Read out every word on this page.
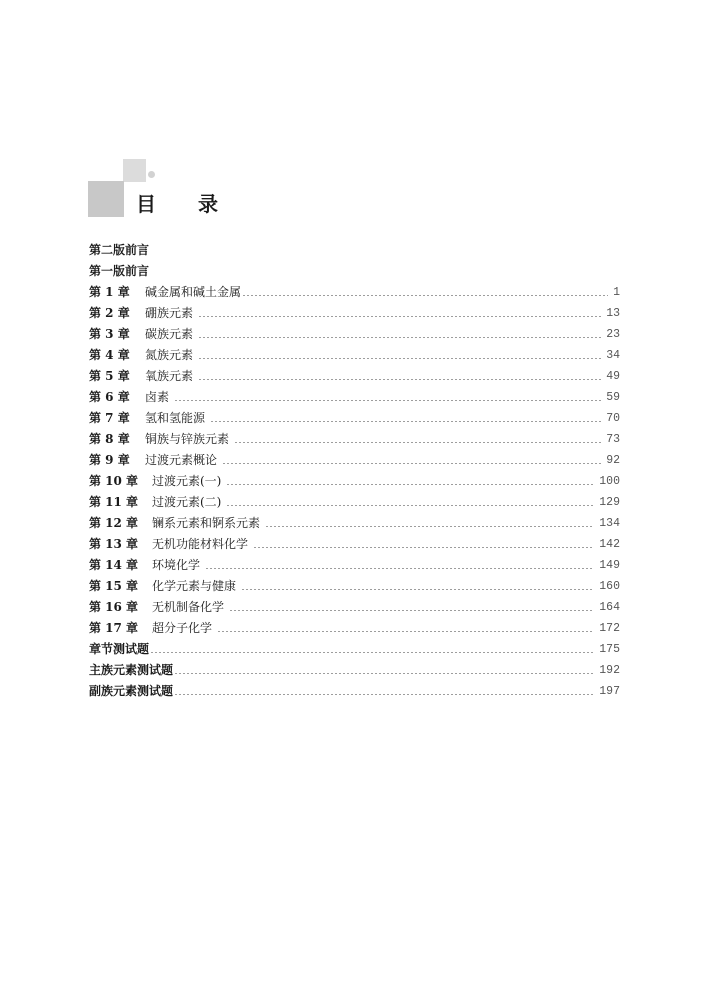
目 录
第二版前言
第一版前言
第 1 章	碱金属和碱土金属	1
第 2 章	硼族元素	13
第 3 章	碳族元素	23
第 4 章	氮族元素	34
第 5 章	氧族元素	49
第 6 章	卤素	59
第 7 章	氢和氢能源	70
第 8 章	铜族与锌族元素	73
第 9 章	过渡元素概论	92
第 10 章	过渡元素(一)	100
第 11 章	过渡元素(二)	129
第 12 章	镧系元素和锕系元素	134
第 13 章	无机功能材料化学	142
第 14 章	环境化学	149
第 15 章	化学元素与健康	160
第 16 章	无机制备化学	164
第 17 章	超分子化学	172
章节测试题	175
主族元素测试题	192
副族元素测试题	197
